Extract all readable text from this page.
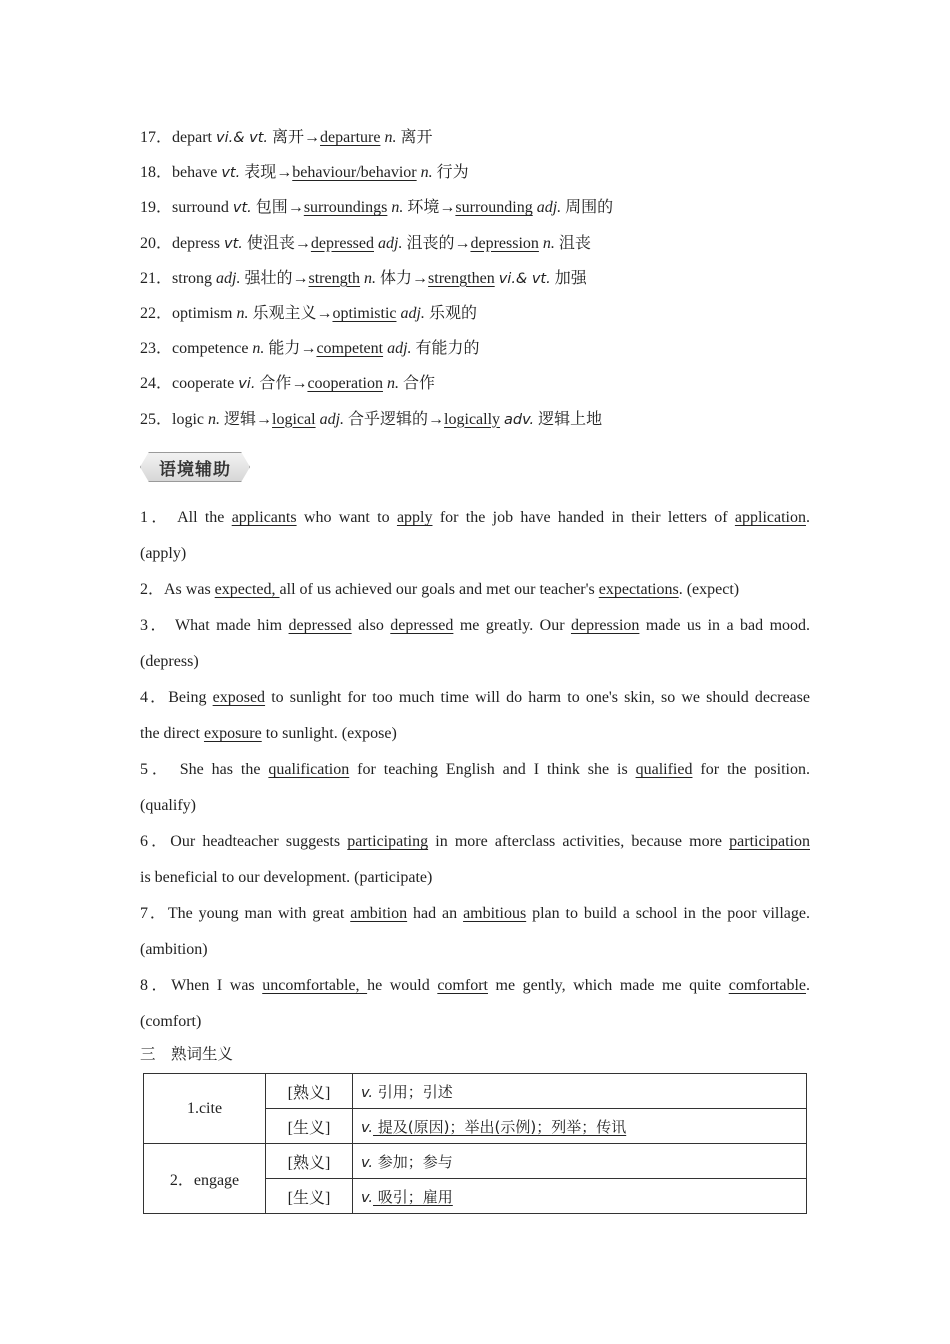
17．depart vi.& vt. 离开→departure n. 离开
18．behave vt. 表现→behaviour/behavior n. 行为
19．surround vt. 包围→surroundings n. 环境→surrounding adj. 周围的
20．depress vt. 使沮丧→depressed adj. 沮丧的→depression n. 沮丧
21．strong adj. 强壮的→strength n. 体力→strengthen vi.& vt. 加强
22．optimism n. 乐观主义→optimistic adj. 乐观的
23．competence n. 能力→competent adj. 有能力的
24．cooperate vi. 合作→cooperation n. 合作
25．logic n. 逻辑→logical adj. 合乎逻辑的→logically adv. 逻辑上地
语境辅助
1． All the applicants who want to apply for the job have handed in their letters of application.
(apply)
2．As was expected, all of us achieved our goals and met our teacher's expectations. (expect)
3． What made him depressed also depressed me greatly. Our depression made us in a bad mood.
(depress)
4．Being exposed to sunlight for too much time will do harm to one's skin, so we should decrease
the direct exposure to sunlight. (expose)
5． She has the qualification for teaching English and I think she is qualified for the position.
(qualify)
6．Our headteacher suggests participating in more afterclass activities, because more participation
is beneficial to our development. (participate)
7．The young man with great ambition had an ambitious plan to build a school in the poor village.
(ambition)
8．When I was uncomfortable, he would comfort me gently, which made me quite comfortable.
(comfort)
三　熟词生义
1.cite	[熟义]	v. 引用；引述
	[生义]	v. 提及(原因)；举出(示例)；列举；传讯
2．engage	[熟义]	v. 参加；参与
	[生义]	v. 吸引；雇用
